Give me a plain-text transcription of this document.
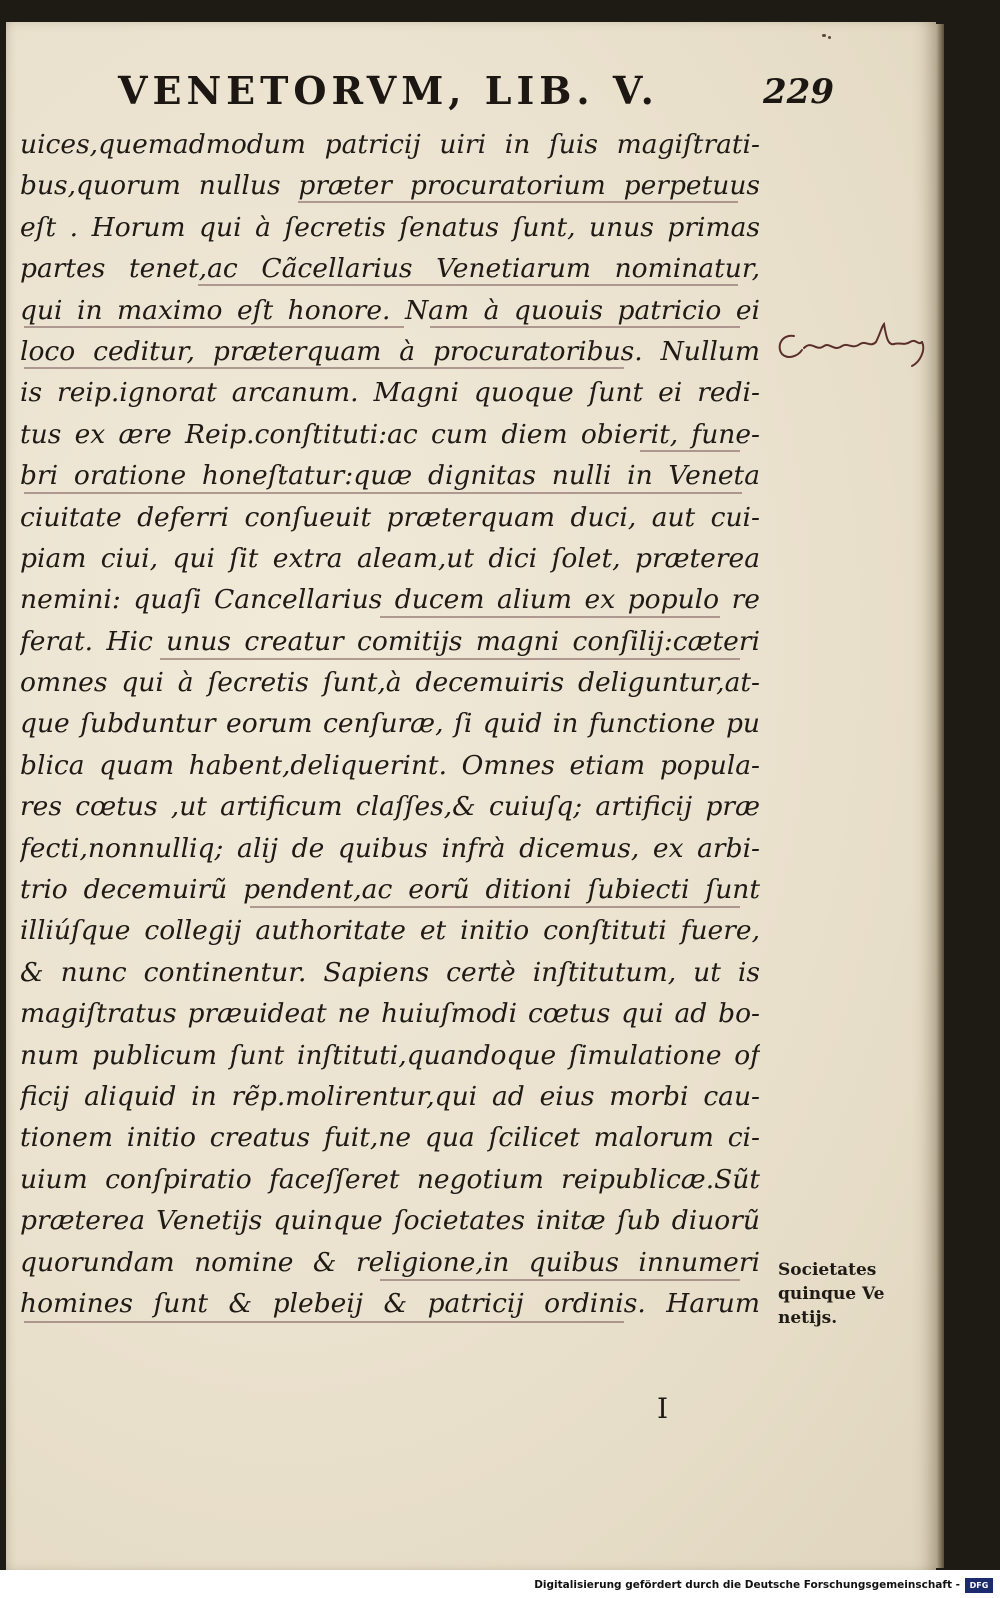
VENETORVM, LIB. V.	229
uices,quemadmodum patricij uiri in ſuis magiſtrati-
bus,quorum nullus præter procuratorium perpetuus
eſt . Horum qui à ſecretis ſenatus ſunt, unus primas
partes tenet,ac Cãcellarius Venetiarum nominatur,
qui in maximo eſt honore. Nam à quouis patricio ei
loco ceditur, præterquam à procuratoribus. Nullum
is reip.ignorat arcanum. Magni quoque ſunt ei redi-
tus ex ære Reip.conſtituti:ac cum diem obierit, fune-
bri oratione honeſtatur:quæ dignitas nulli in Veneta
ciuitate deferri conſueuit præterquam duci, aut cui-
piam ciui, qui ſit extra aleam,ut dici ſolet, præterea
nemini: quaſi Cancellarius ducem alium ex populo re
ferat. Hic unus creatur comitijs magni conſilij:cæteri
omnes qui à ſecretis ſunt,à decemuiris deliguntur,at-
que ſubduntur eorum cenſuræ, ſi quid in functione pu
blica quam habent,deliquerint. Omnes etiam popula-
res cœtus ,ut artificum claſſes,& cuiuſq; artificij præ
fecti,nonnulliq; alij de quibus infrà dicemus, ex arbi-
trio decemuirũ pendent,ac eorũ ditioni ſubiecti ſunt
illiúſque collegij authoritate et initio conſtituti fuere,
& nunc continentur. Sapiens certè inſtitutum, ut is
magiſtratus præuideat ne huiuſmodi cœtus qui ad bo-
num publicum ſunt inſtituti,quandoque ſimulatione of
ficij aliquid in rẽp.molirentur,qui ad eius morbi cau-
tionem initio creatus fuit,ne qua ſcilicet malorum ci-
uium conſpiratio faceſſeret negotium reipublicæ.Sũt
præterea Venetijs quinque ſocietates initæ ſub diuorũ
quorundam nomine & religione,in quibus innumeri
homines ſunt & plebeij & patricij ordinis. Harum
I
Societates
quinque Ve
netijs.
Digitalisierung gefördert durch die Deutsche Forschungsgemeinschaft -	DFG
